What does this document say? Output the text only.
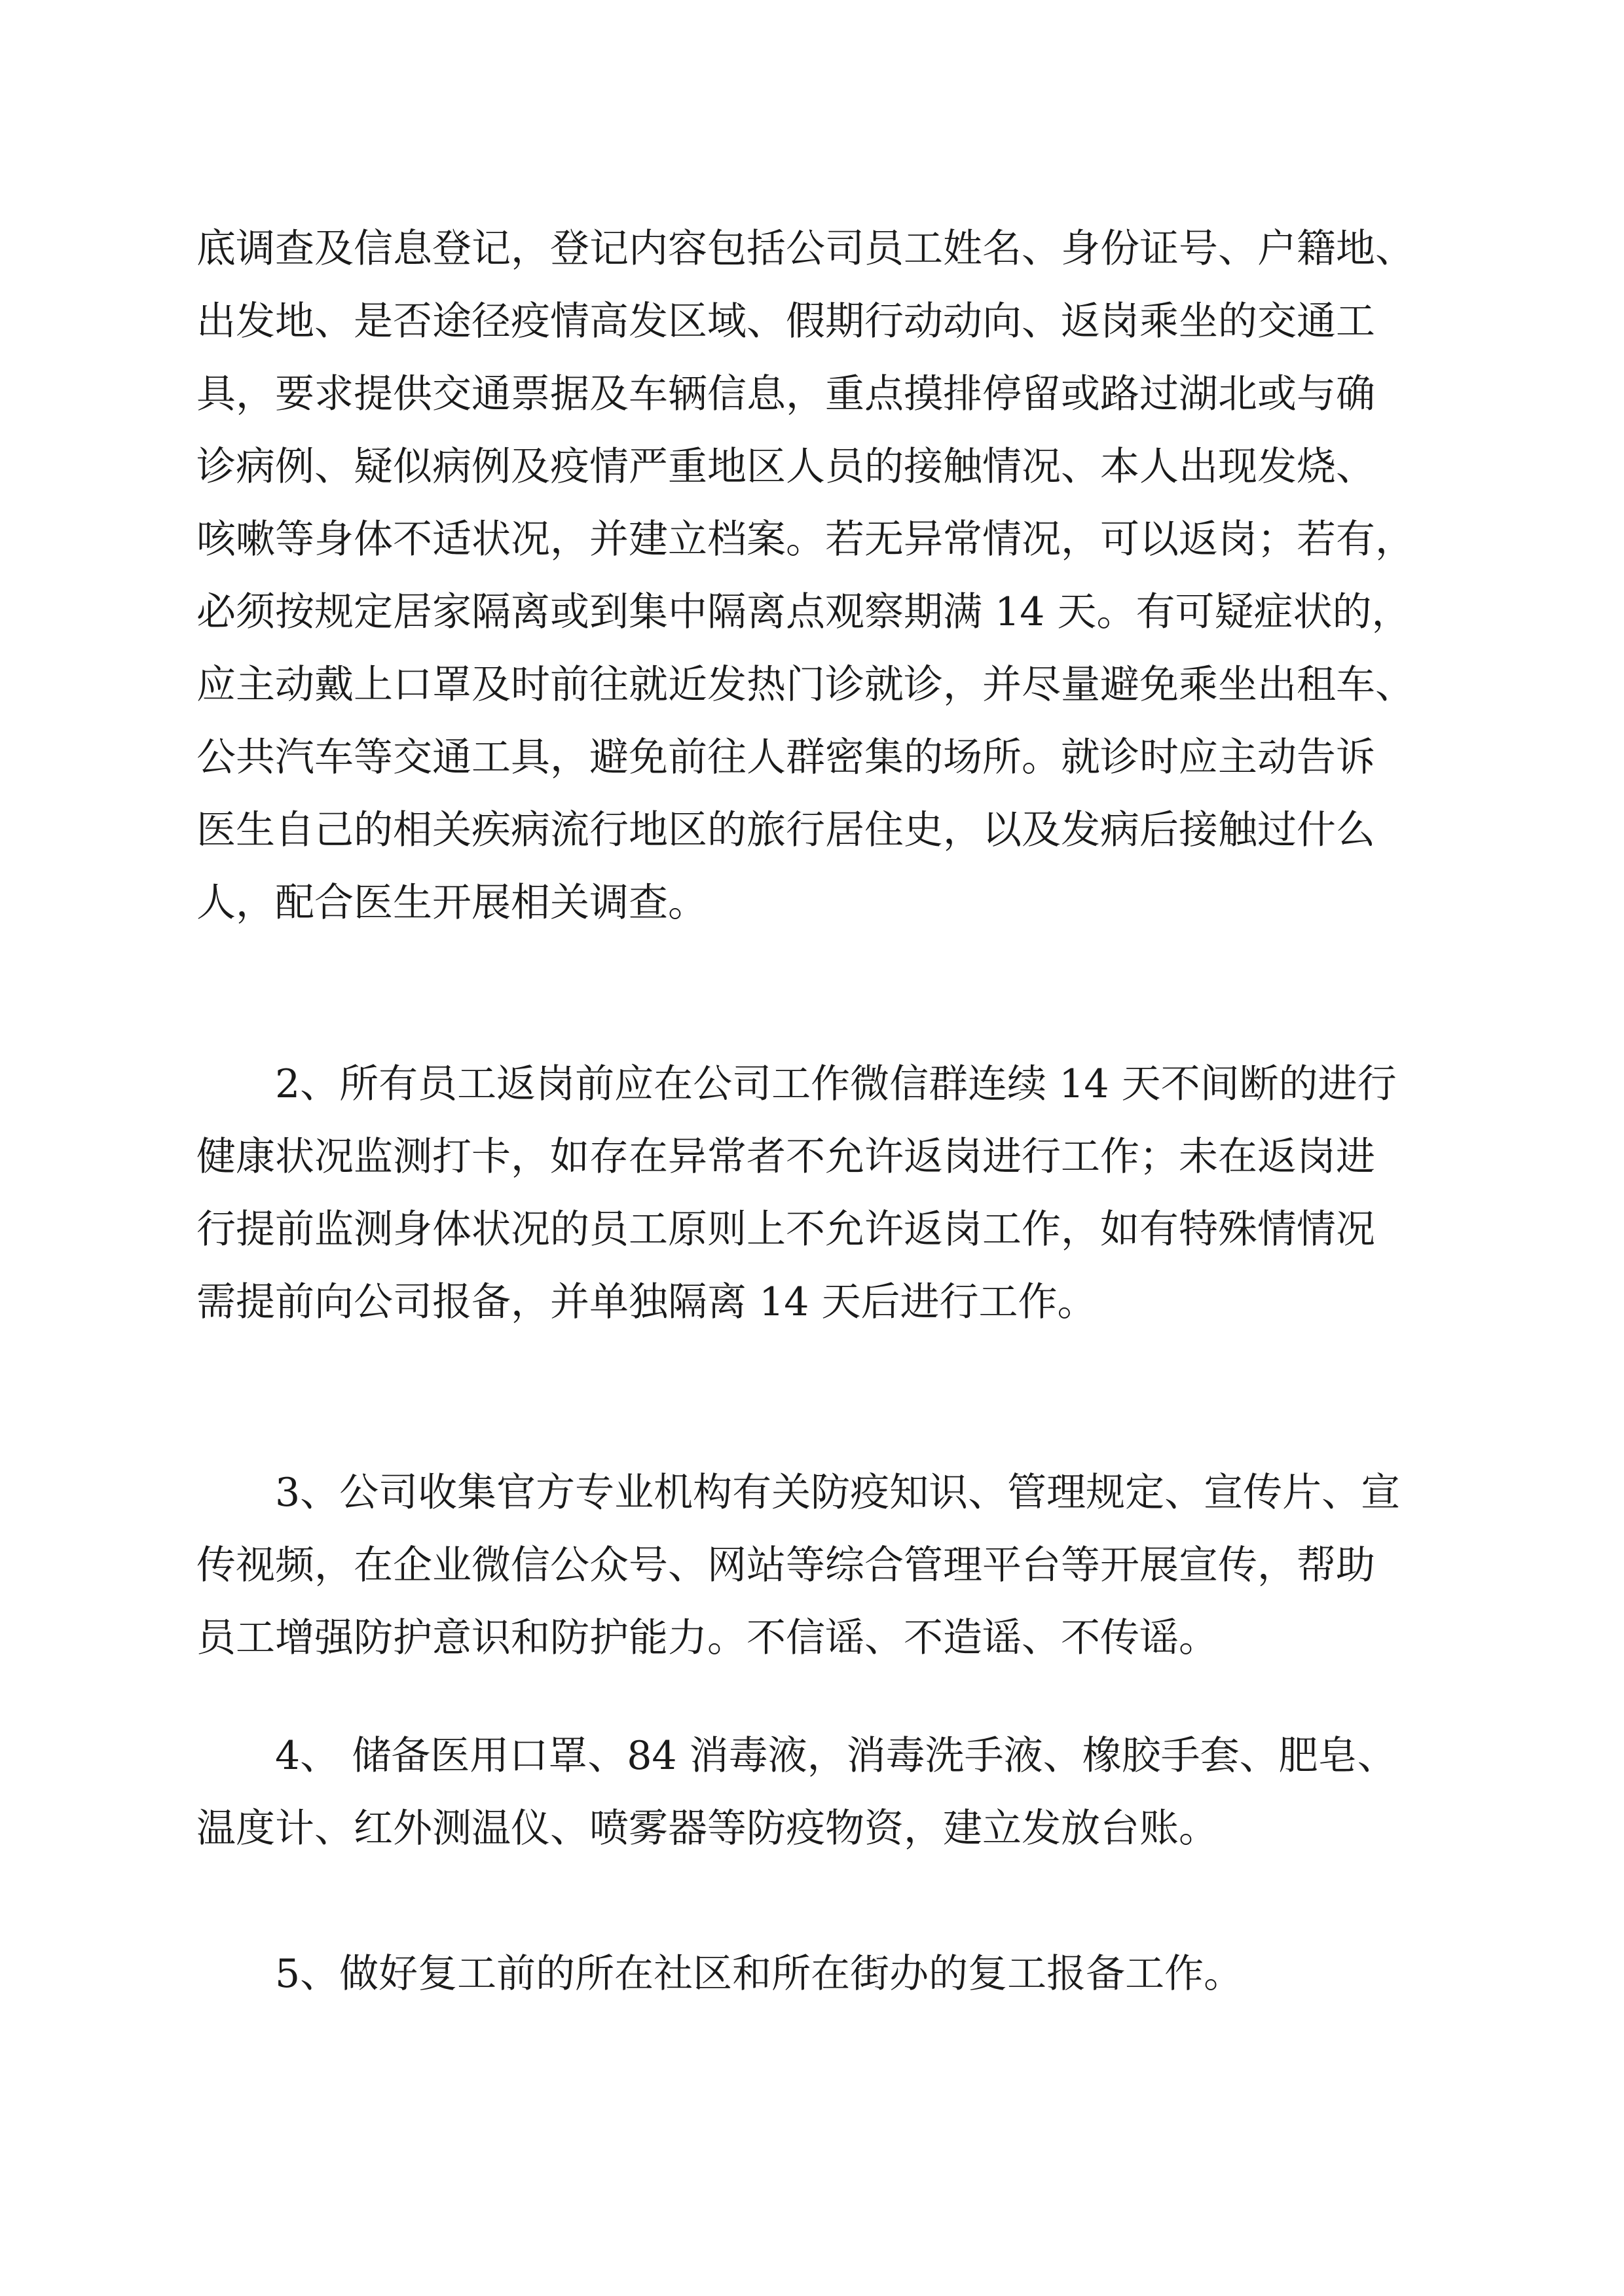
底调查及信息登记，登记内容包括公司员工姓名、身份证号、户籍地、
出发地、是否途径疫情高发区域、假期行动动向、返岗乘坐的交通工
具，要求提供交通票据及车辆信息，重点摸排停留或路过湖北或与确
诊病例、疑似病例及疫情严重地区人员的接触情况、本人出现发烧、
咳嗽等身体不适状况，并建立档案。若无异常情况，可以返岗；若有，
必须按规定居家隔离或到集中隔离点观察期满 14 天。有可疑症状的，
应主动戴上口罩及时前往就近发热门诊就诊，并尽量避免乘坐出租车、
公共汽车等交通工具，避免前往人群密集的场所。就诊时应主动告诉
医生自己的相关疾病流行地区的旅行居住史，以及发病后接触过什么
人，配合医生开展相关调查。
2、所有员工返岗前应在公司工作微信群连续 14 天不间断的进行
健康状况监测打卡，如存在异常者不允许返岗进行工作；未在返岗进
行提前监测身体状况的员工原则上不允许返岗工作，如有特殊情情况
需提前向公司报备，并单独隔离 14 天后进行工作。
3、公司收集官方专业机构有关防疫知识、管理规定、宣传片、宣
传视频，在企业微信公众号、网站等综合管理平台等开展宣传，帮助
员工增强防护意识和防护能力。不信谣、不造谣、不传谣。
4、 储备医用口罩、84 消毒液，消毒洗手液、橡胶手套、肥皂、
温度计、红外测温仪、喷雾器等防疫物资，建立发放台账。
5、做好复工前的所在社区和所在街办的复工报备工作。
